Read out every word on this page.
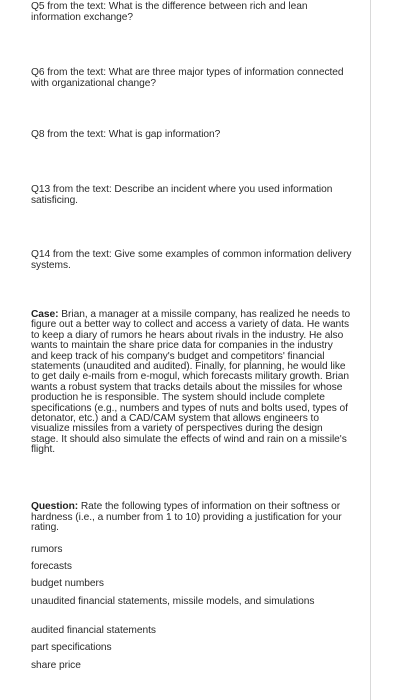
Q5 from the text: What is the difference between rich and lean information exchange?

Q6 from the text: What are three major types of information connected with organizational change?

Q8 from the text: What is gap information?

Q13 from the text: Describe an incident where you used information satisficing.

Q14 from the text: Give some examples of common information delivery systems.

Case: Brian, a manager at a missile company, has realized he needs to figure out a better way to collect and access a variety of data. He wants to keep a diary of rumors he hears about rivals in the industry. He also wants to maintain the share price data for companies in the industry and keep track of his company's budget and competitors' financial statements (unaudited and audited). Finally, for planning, he would like to get daily e-mails from e-mogul, which forecasts military growth. Brian wants a robust system that tracks details about the missiles for whose production he is responsible. The system should include complete specifications (e.g., numbers and types of nuts and bolts used, types of detonator, etc.) and a CAD/CAM system that allows engineers to visualize missiles from a variety of perspectives during the design stage. It should also simulate the effects of wind and rain on a missile's flight.

Question: Rate the following types of information on their softness or hardness (i.e., a number from 1 to 10) providing a justification for your rating.

rumors
forecasts
budget numbers
unaudited financial statements, missile models, and simulations
audited financial statements
part specifications
share price
